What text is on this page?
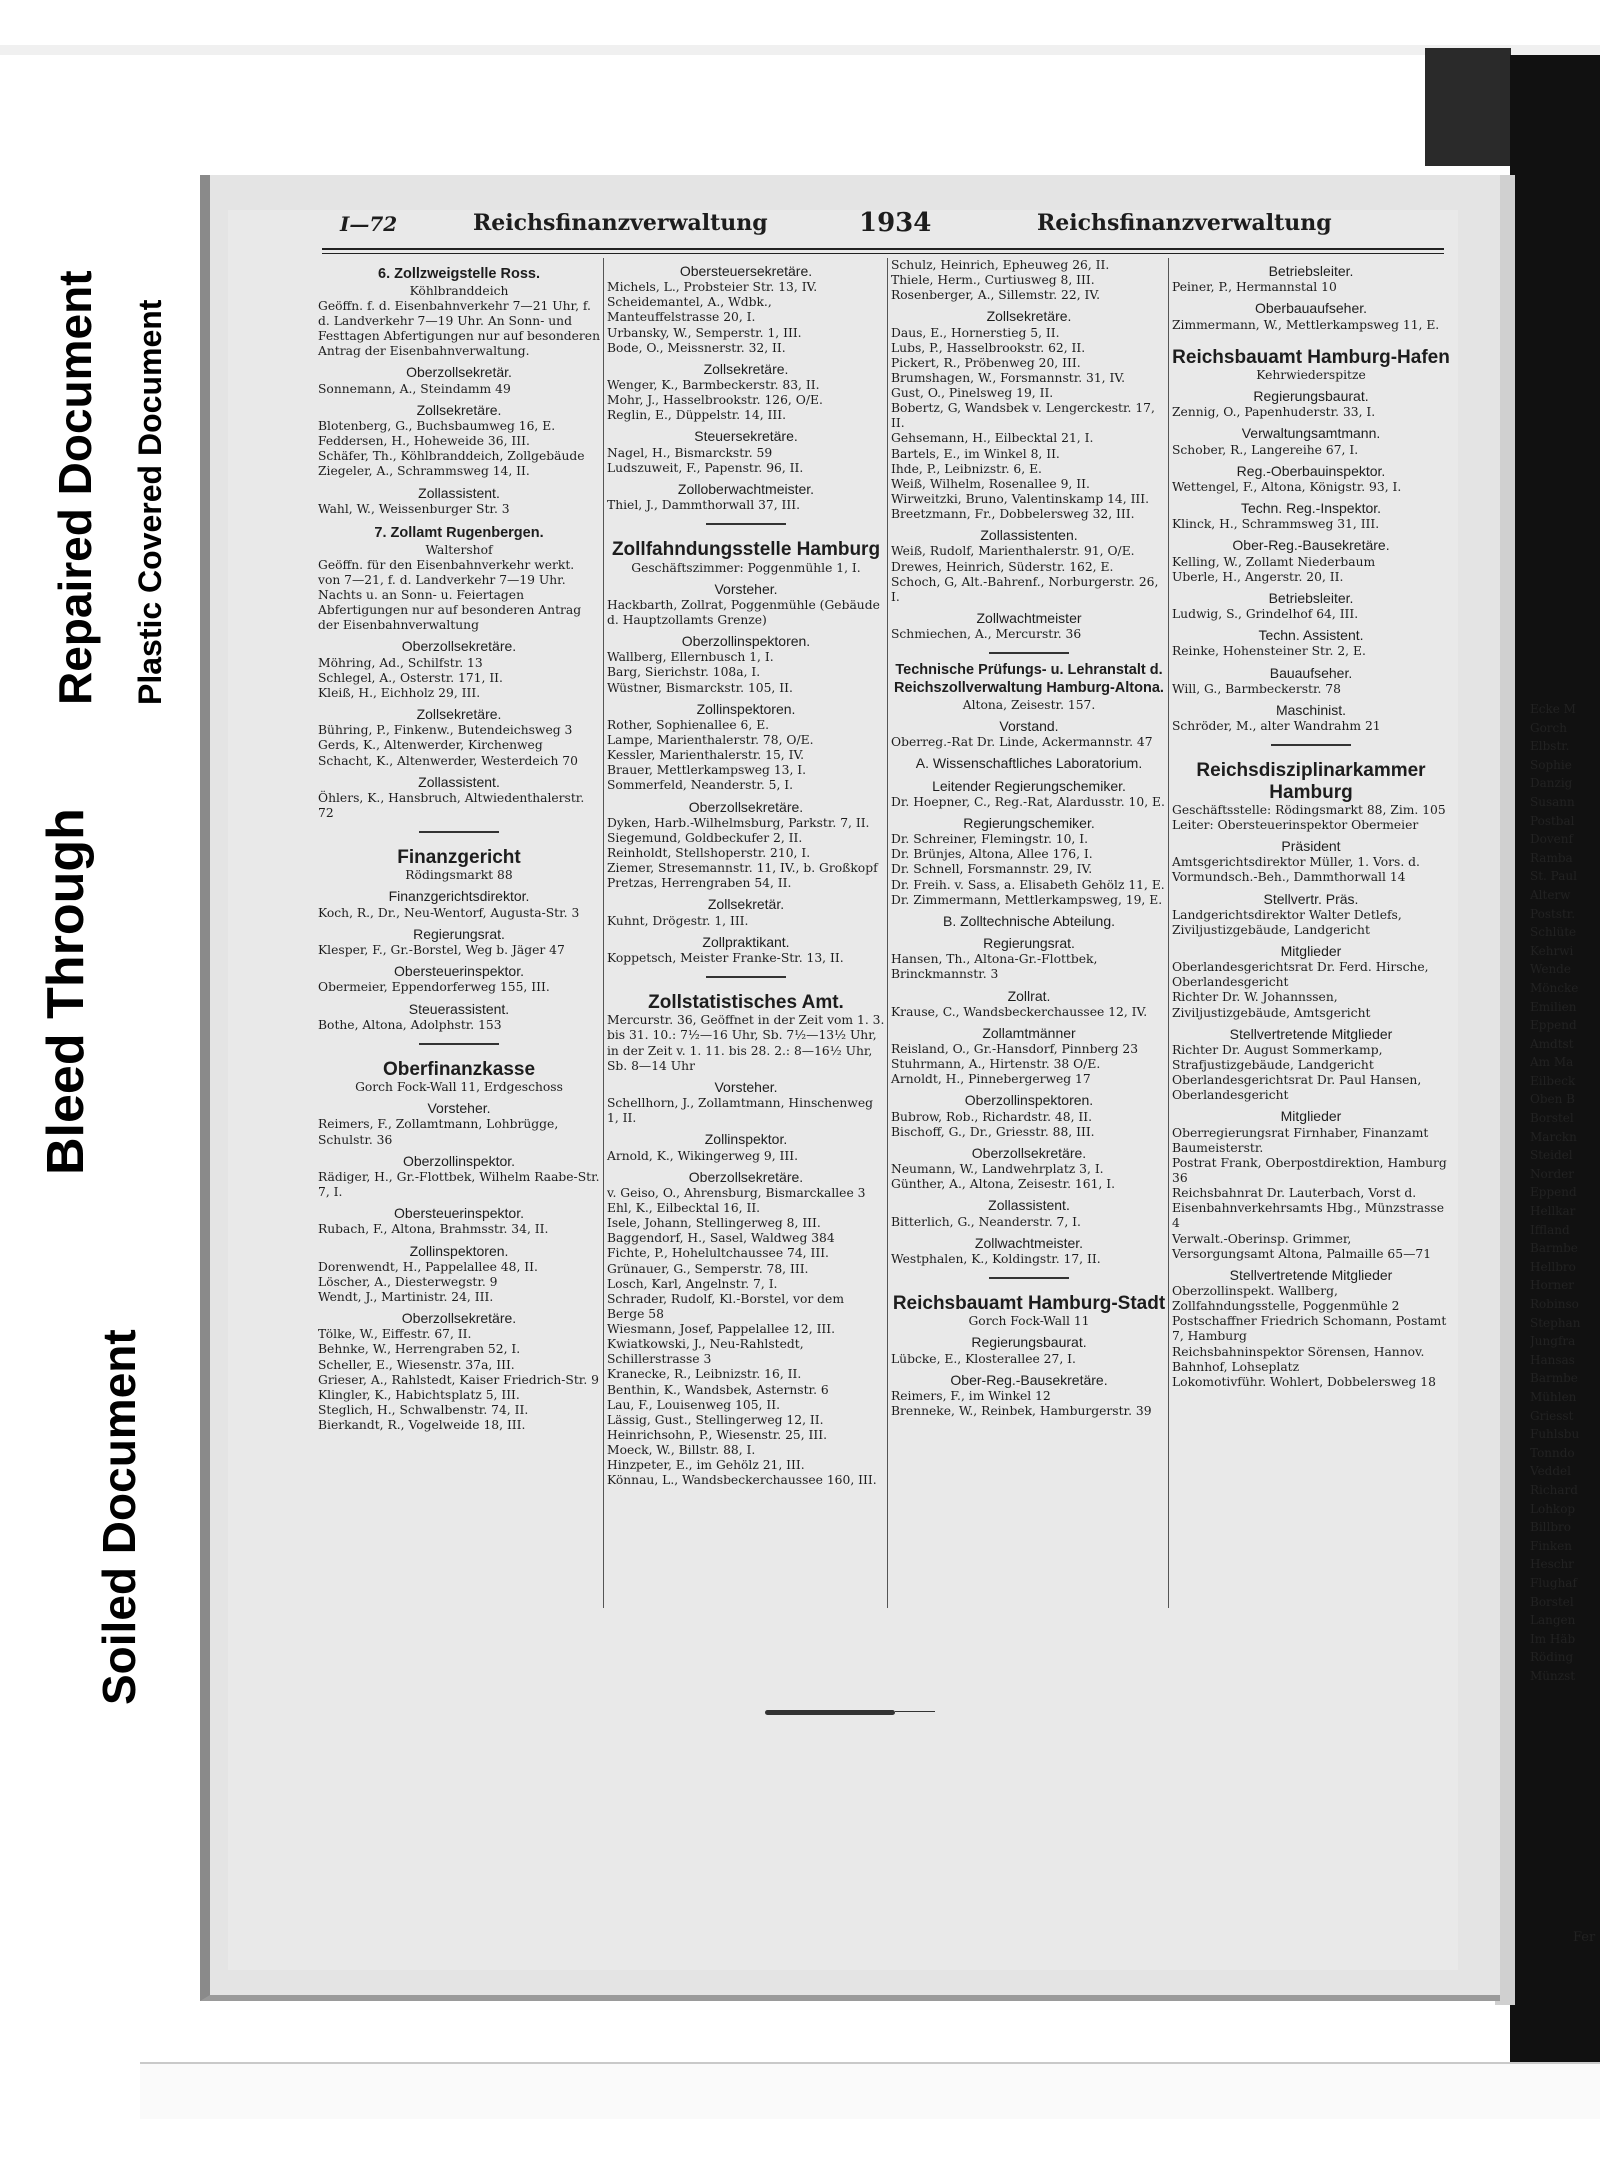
Soiled Document
Bleed Through
Repaired Document Plastic Covered Document
Ecke M
Gorch
Elbstr.
Sophie
Danzig
Susann
Postbal
Dovenf
Ramba
St. Paul
Alterw
Poststr.
Schlüte
Kehrwi
Wende
Möncke
Emilien
Eppend
Amdtst
Am Ma
Eilbeck
Oben B
Borstel
Marckn
Steidel
Norder
Eppend
Hellkar
Iffland
Barmbe
Hellbro
Horner
Robinso
Stephan
Jungfra
Hansas
Barmbe
Mühlen
Griesst
Fuhlsbu
Tonndo
Veddel
Richard
Lohkop
Billbro
Finken
Heschr
Flughaf
Borstel
Langen
Im Häb
Röding
Münzst
Fer
I—72	Reichsfinanzverwaltung	1934	Reichsfinanzverwaltung

6. Zollzweigstelle Ross.

Köhlbranddeich

Geöffn. f. d. Eisenbahnverkehr 7—21 Uhr, f. d. Landverkehr 7—19 Uhr. An Sonn- und Festtagen Abfertigungen nur auf besonderen Antrag der Eisenbahnverwaltung.

Oberzollsekretär.

Sonnemann, A., Steindamm 49

Zollsekretäre.

Blotenberg, G., Buchsbaumweg 16, E.

Feddersen, H., Hoheweide 36, III.

Schäfer, Th., Köhlbranddeich, Zollgebäude

Ziegeler, A., Schrammsweg 14, II.

Zollassistent.

Wahl, W., Weissenburger Str. 3

7. Zollamt Rugenbergen.

Waltershof

Geöffn. für den Eisenbahnverkehr werkt. von 7—21, f. d. Landverkehr 7—19 Uhr. Nachts u. an Sonn- u. Feiertagen Abfertigungen nur auf besonderen Antrag der Eisenbahnverwaltung

Oberzollsekretäre.

Möhring, Ad., Schilfstr. 13

Schlegel, A., Osterstr. 171, II.

Kleiß, H., Eichholz 29, III.

Zollsekretäre.

Bühring, P., Finkenw., Butendeichsweg 3

Gerds, K., Altenwerder, Kirchenweg

Schacht, K., Altenwerder, Westerdeich 70

Zollassistent.

Öhlers, K., Hansbruch, Altwiedenthalerstr. 72

Finanzgericht

Rödingsmarkt 88

Finanzgerichtsdirektor.

Koch, R., Dr., Neu-Wentorf, Augusta-Str. 3

Regierungsrat.

Klesper, F., Gr.-Borstel, Weg b. Jäger 47

Obersteuerinspektor.

Obermeier, Eppendorferweg 155, III.

Steuerassistent.

Bothe, Altona, Adolphstr. 153

Oberfinanzkasse

Gorch Fock-Wall 11, Erdgeschoss

Vorsteher.

Reimers, F., Zollamtmann, Lohbrügge, Schulstr. 36

Oberzollinspektor.

Rädiger, H., Gr.-Flottbek, Wilhelm Raabe-Str. 7, I.

Obersteuerinspektor.

Rubach, F., Altona, Brahmsstr. 34, II.

Zollinspektoren.

Dorenwendt, H., Pappelallee 48, II.

Löscher, A., Diesterwegstr. 9

Wendt, J., Martinistr. 24, III.

Oberzollsekretäre.

Tölke, W., Eiffestr. 67, II.

Behnke, W., Herrengraben 52, I.

Scheller, E., Wiesenstr. 37a, III.

Grieser, A., Rahlstedt, Kaiser Friedrich-Str. 9

Klingler, K., Habichtsplatz 5, III.

Steglich, H., Schwalbenstr. 74, II.

Bierkandt, R., Vogelweide 18, III.

Obersteuersekretäre.

Michels, L., Probsteier Str. 13, IV.

Scheidemantel, A., Wdbk., Manteuffelstrasse 20, I.

Urbansky, W., Semperstr. 1, III.

Bode, O., Meissnerstr. 32, II.

Zollsekretäre.

Wenger, K., Barmbeckerstr. 83, II.

Mohr, J., Hasselbrookstr. 126, O/E.

Reglin, E., Düppelstr. 14, III.

Steuersekretäre.

Nagel, H., Bismarckstr. 59

Ludszuweit, F., Papenstr. 96, II.

Zolloberwachtmeister.

Thiel, J., Dammthorwall 37, III.

Zollfahndungsstelle Hamburg

Geschäftszimmer: Poggenmühle 1, I.

Vorsteher.

Hackbarth, Zollrat, Poggenmühle (Gebäude d. Hauptzollamts Grenze)

Oberzollinspektoren.

Wallberg, Ellernbusch 1, I.

Barg, Sierichstr. 108a, I.

Wüstner, Bismarckstr. 105, II.

Zollinspektoren.

Rother, Sophienallee 6, E.

Lampe, Marienthalerstr. 78, O/E.

Kessler, Marienthalerstr. 15, IV.

Brauer, Mettlerkampsweg 13, I.

Sommerfeld, Neanderstr. 5, I.

Oberzollsekretäre.

Dyken, Harb.-Wilhelmsburg, Parkstr. 7, II.

Siegemund, Goldbeckufer 2, II.

Reinholdt, Stellshoperstr. 210, I.

Ziemer, Stresemannstr. 11, IV., b. Großkopf

Pretzas, Herrengraben 54, II.

Zollsekretär.

Kuhnt, Drögestr. 1, III.

Zollpraktikant.

Koppetsch, Meister Franke-Str. 13, II.

Zollstatistisches Amt.

Mercurstr. 36, Geöffnet in der Zeit vom 1. 3. bis 31. 10.: 7½—16 Uhr, Sb. 7½—13½ Uhr, in der Zeit v. 1. 11. bis 28. 2.: 8—16½ Uhr, Sb. 8—14 Uhr

Vorsteher.

Schellhorn, J., Zollamtmann, Hinschenweg 1, II.

Zollinspektor.

Arnold, K., Wikingerweg 9, III.

Oberzollsekretäre.

v. Geiso, O., Ahrensburg, Bismarckallee 3

Ehl, K., Eilbecktal 16, II.

Isele, Johann, Stellingerweg 8, III.

Baggendorf, H., Sasel, Waldweg 384

Fichte, P., Hohelultchaussee 74, III.

Grünauer, G., Semperstr. 78, III.

Losch, Karl, Angelnstr. 7, I.

Schrader, Rudolf, Kl.-Borstel, vor dem Berge 58

Wiesmann, Josef, Pappelallee 12, III.

Kwiatkowski, J., Neu-Rahlstedt, Schillerstrasse 3

Kranecke, R., Leibnizstr. 16, II.

Benthin, K., Wandsbek, Asternstr. 6

Lau, F., Louisenweg 105, II.

Lässig, Gust., Stellingerweg 12, II.

Heinrichsohn, P., Wiesenstr. 25, III.

Moeck, W., Billstr. 88, I.

Hinzpeter, E., im Gehölz 21, III.

Könnau, L., Wandsbeckerchaussee 160, III.

Schulz, Heinrich, Epheuweg 26, II.

Thiele, Herm., Curtiusweg 8, III.

Rosenberger, A., Sillemstr. 22, IV.

Zollsekretäre.

Daus, E., Hornerstieg 5, II.

Lubs, P., Hasselbrookstr. 62, II.

Pickert, R., Pröbenweg 20, III.

Brumshagen, W., Forsmannstr. 31, IV.

Gust, O., Pinelsweg 19, II.

Bobertz, G, Wandsbek v. Lengerckestr. 17, II.

Gehsemann, H., Eilbecktal 21, I.

Bartels, E., im Winkel 8, II.

Ihde, P., Leibnizstr. 6, E.

Weiß, Wilhelm, Rosenallee 9, II.

Wirweitzki, Bruno, Valentinskamp 14, III.

Breetzmann, Fr., Dobbelersweg 32, III.

Zollassistenten.

Weiß, Rudolf, Marienthalerstr. 91, O/E.

Drewes, Heinrich, Süderstr. 162, E.

Schoch, G, Alt.-Bahrenf., Norburgerstr. 26, I.

Zollwachtmeister

Schmiechen, A., Mercurstr. 36

Technische Prüfungs- u. Lehranstalt d. Reichszollverwaltung Hamburg-Altona.

Altona, Zeisestr. 157.

Vorstand.

Oberreg.-Rat Dr. Linde, Ackermannstr. 47

A. Wissenschaftliches Laboratorium.

Leitender Regierungschemiker.

Dr. Hoepner, C., Reg.-Rat, Alardusstr. 10, E.

Regierungschemiker.

Dr. Schreiner, Flemingstr. 10, I.

Dr. Brünjes, Altona, Allee 176, I.

Dr. Schnell, Forsmannstr. 29, IV.

Dr. Freih. v. Sass, a. Elisabeth Gehölz 11, E.

Dr. Zimmermann, Mettlerkampsweg, 19, E.

B. Zolltechnische Abteilung.

Regierungsrat.

Hansen, Th., Altona-Gr.-Flottbek, Brinckmannstr. 3

Zollrat.

Krause, C., Wandsbeckerchaussee 12, IV.

Zollamtmänner

Reisland, O., Gr.-Hansdorf, Pinnberg 23

Stuhrmann, A., Hirtenstr. 38 O/E.

Arnoldt, H., Pinnebergerweg 17

Oberzollinspektoren.

Bubrow, Rob., Richardstr. 48, II.

Bischoff, G., Dr., Griesstr. 88, III.

Oberzollsekretäre.

Neumann, W., Landwehrplatz 3, I.

Günther, A., Altona, Zeisestr. 161, I.

Zollassistent.

Bitterlich, G., Neanderstr. 7, I.

Zollwachtmeister.

Westphalen, K., Koldingstr. 17, II.

Reichsbauamt Hamburg-Stadt

Gorch Fock-Wall 11

Regierungsbaurat.

Lübcke, E., Klosterallee 27, I.

Ober-Reg.-Bausekretäre.

Reimers, F., im Winkel 12

Brenneke, W., Reinbek, Hamburgerstr. 39

Betriebsleiter.

Peiner, P., Hermannstal 10

Oberbauaufseher.

Zimmermann, W., Mettlerkampsweg 11, E.

Reichsbauamt Hamburg-Hafen

Kehrwiederspitze

Regierungsbaurat.

Zennig, O., Papenhuderstr. 33, I.

Verwaltungsamtmann.

Schober, R., Langereihe 67, I.

Reg.-Oberbauinspektor.

Wettengel, F., Altona, Königstr. 93, I.

Techn. Reg.-Inspektor.

Klinck, H., Schrammsweg 31, III.

Ober-Reg.-Bausekretäre.

Kelling, W., Zollamt Niederbaum

Uberle, H., Angerstr. 20, II.

Betriebsleiter.

Ludwig, S., Grindelhof 64, III.

Techn. Assistent.

Reinke, Hohensteiner Str. 2, E.

Bauaufseher.

Will, G., Barmbeckerstr. 78

Maschinist.

Schröder, M., alter Wandrahm 21

Reichsdisziplinarkammer Hamburg

Geschäftsstelle: Rödingsmarkt 88, Zim. 105

Leiter: Obersteuerinspektor Obermeier

Präsident

Amtsgerichtsdirektor Müller, 1. Vors. d. Vormundsch.-Beh., Dammthorwall 14

Stellvertr. Präs.

Landgerichtsdirektor Walter Detlefs, Ziviljustizgebäude, Landgericht

Mitglieder

Oberlandesgerichtsrat Dr. Ferd. Hirsche, Oberlandesgericht

Richter Dr. W. Johannssen, Ziviljustizgebäude, Amtsgericht

Stellvertretende Mitglieder

Richter Dr. August Sommerkamp, Strafjustizgebäude, Landgericht

Oberlandesgerichtsrat Dr. Paul Hansen, Oberlandesgericht

Mitglieder

Oberregierungsrat Firnhaber, Finanzamt Baumeisterstr.

Postrat Frank, Oberpostdirektion, Hamburg 36

Reichsbahnrat Dr. Lauterbach, Vorst d. Eisenbahnverkehrsamts Hbg., Münzstrasse 4

Verwalt.-Oberinsp. Grimmer, Versorgungsamt Altona, Palmaille 65—71

Stellvertretende Mitglieder

Oberzollinspekt. Wallberg, Zollfahndungsstelle, Poggenmühle 2

Postschaffner Friedrich Schomann, Postamt 7, Hamburg

Reichsbahninspektor Sörensen, Hannov. Bahnhof, Lohseplatz

Lokomotivführ. Wohlert, Dobbelersweg 18
